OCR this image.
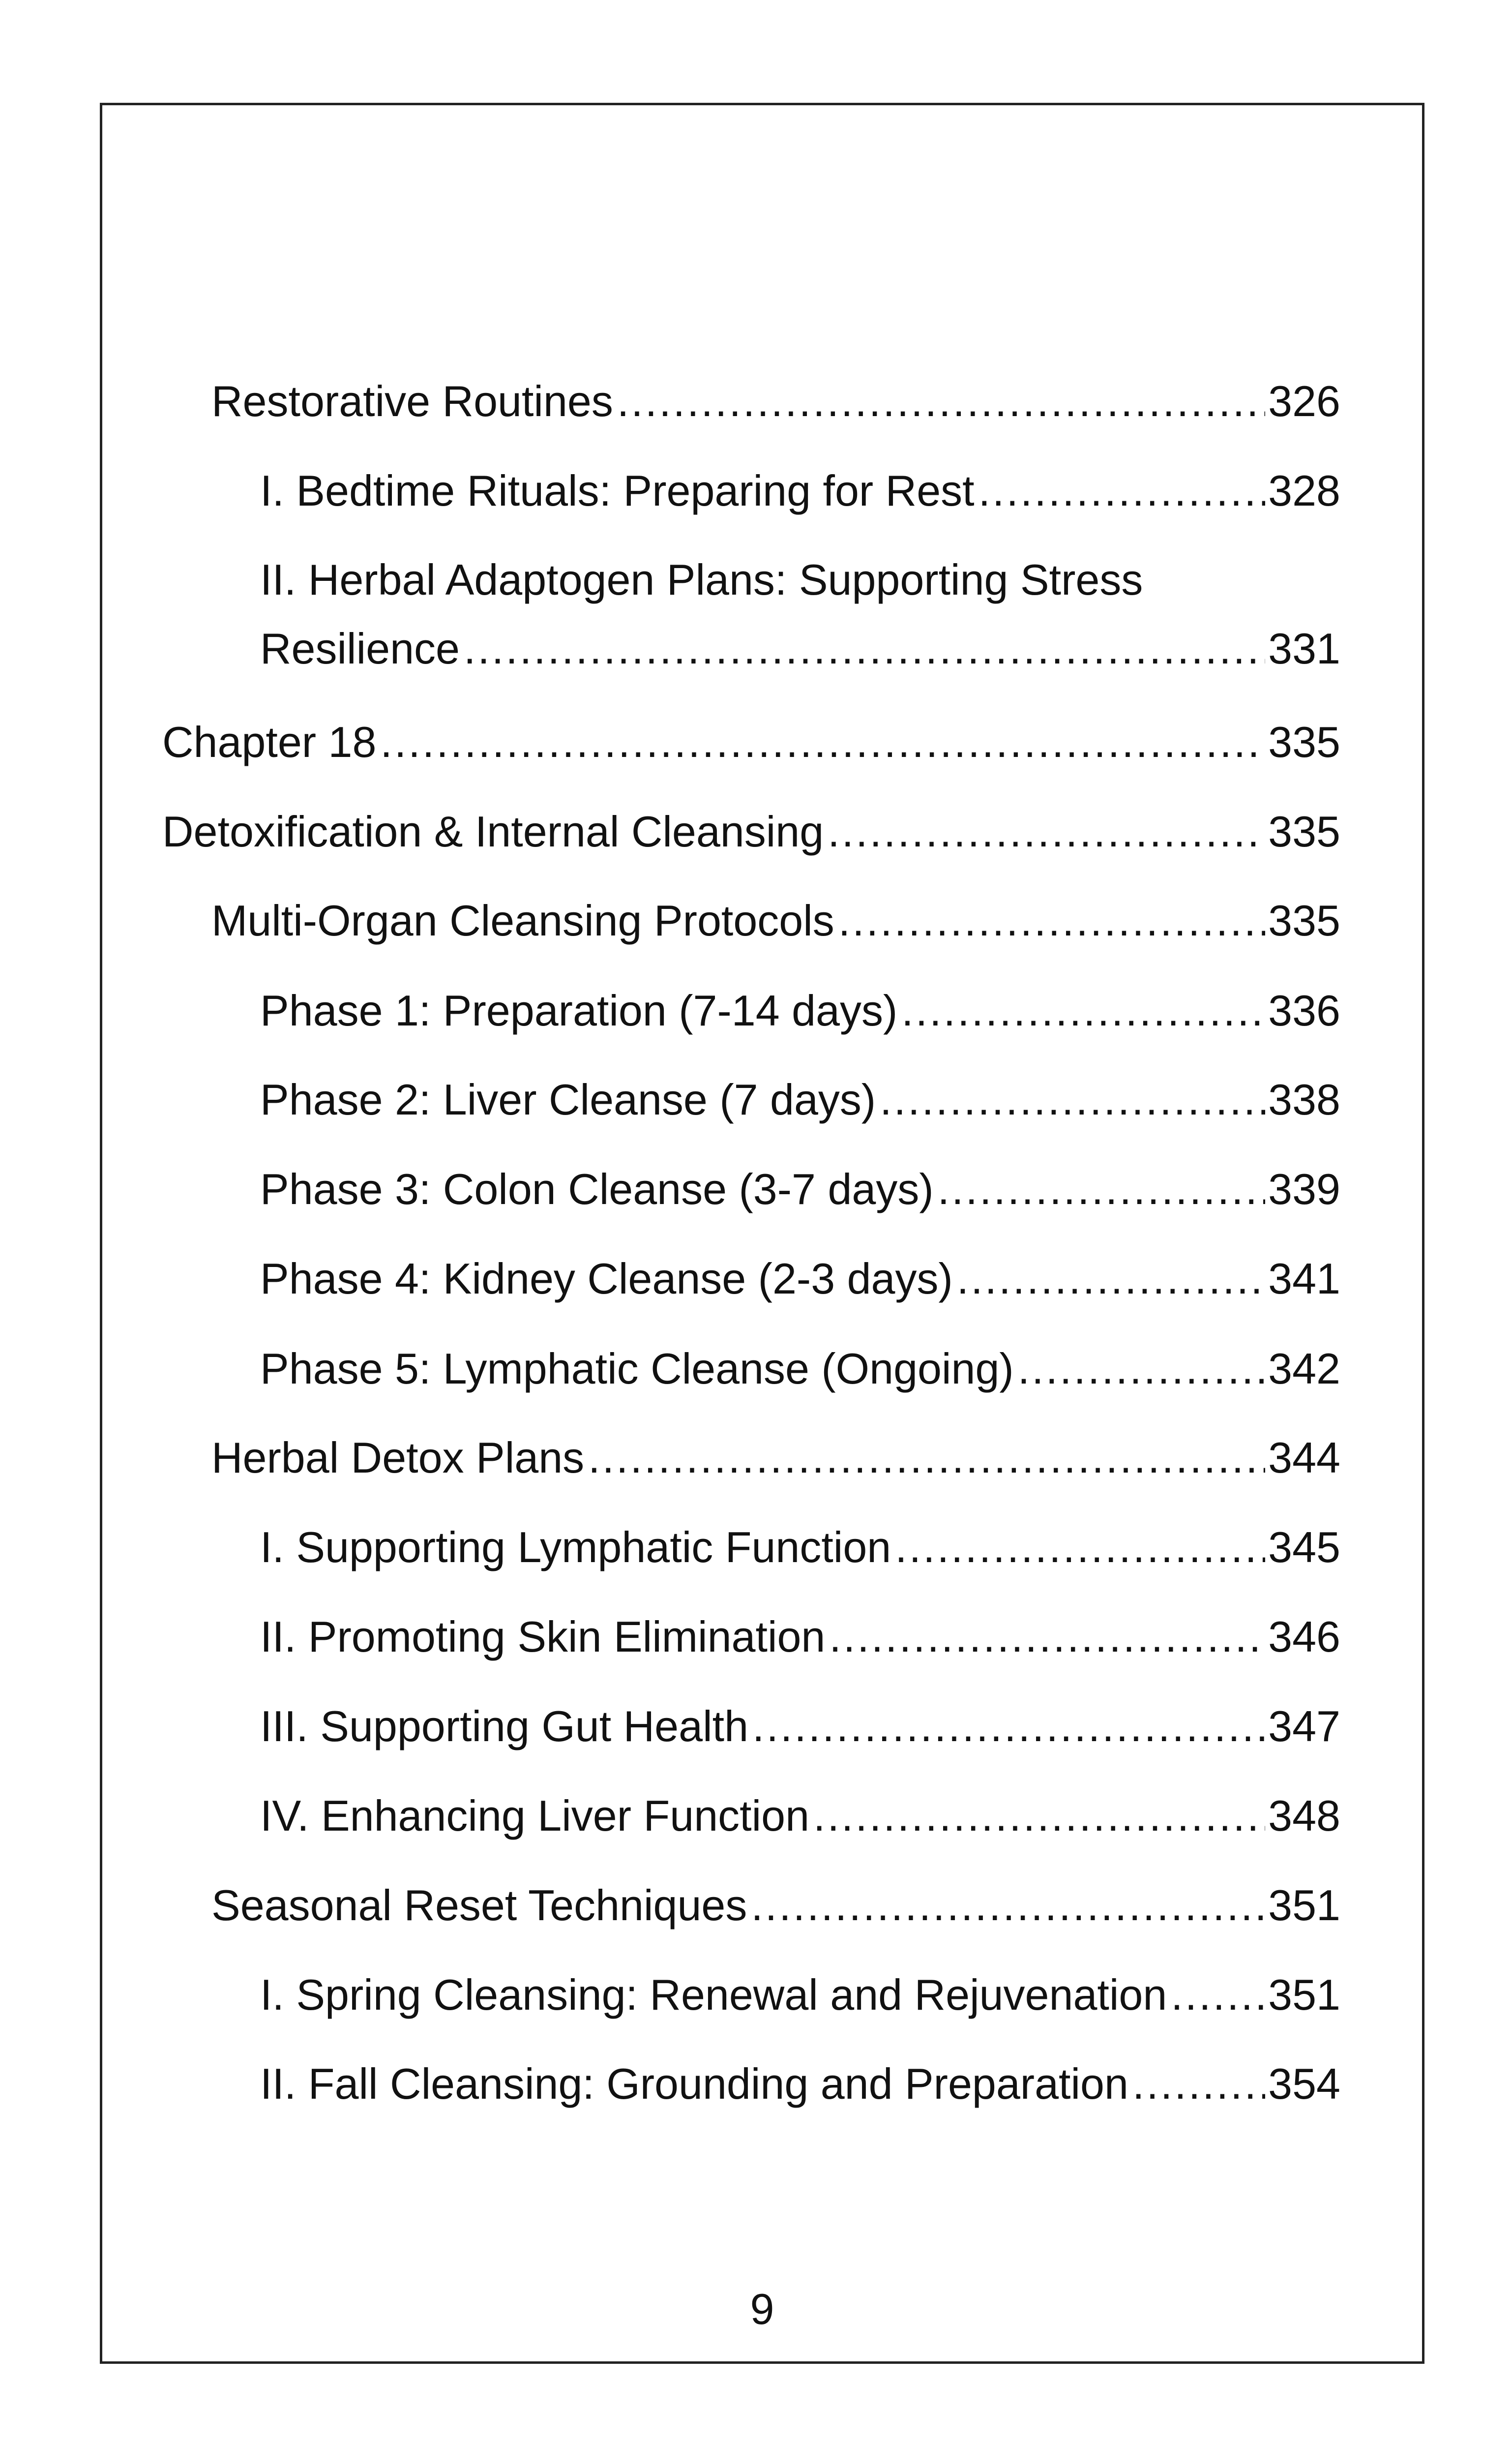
Restorative Routines .....	326
I. Bedtime Rituals: Preparing for Rest .....	328
II. Herbal Adaptogen Plans: Supporting Stress
Resilience .....	331
Chapter 18 .....	335
Detoxification & Internal Cleansing .....	335
Multi-Organ Cleansing Protocols .....	335
Phase 1: Preparation (7-14 days) .....	336
Phase 2: Liver Cleanse (7 days) .....	338
Phase 3: Colon Cleanse (3-7 days) .....	339
Phase 4: Kidney Cleanse (2-3 days) .....	341
Phase 5: Lymphatic Cleanse (Ongoing) .....	342
Herbal Detox Plans .....	344
I. Supporting Lymphatic Function .....	345
II. Promoting Skin Elimination .....	346
III. Supporting Gut Health .....	347
IV. Enhancing Liver Function .....	348
Seasonal Reset Techniques .....	351
I. Spring Cleansing: Renewal and Rejuvenation ..... 351
II. Fall Cleansing: Grounding and Preparation .....	354
9
